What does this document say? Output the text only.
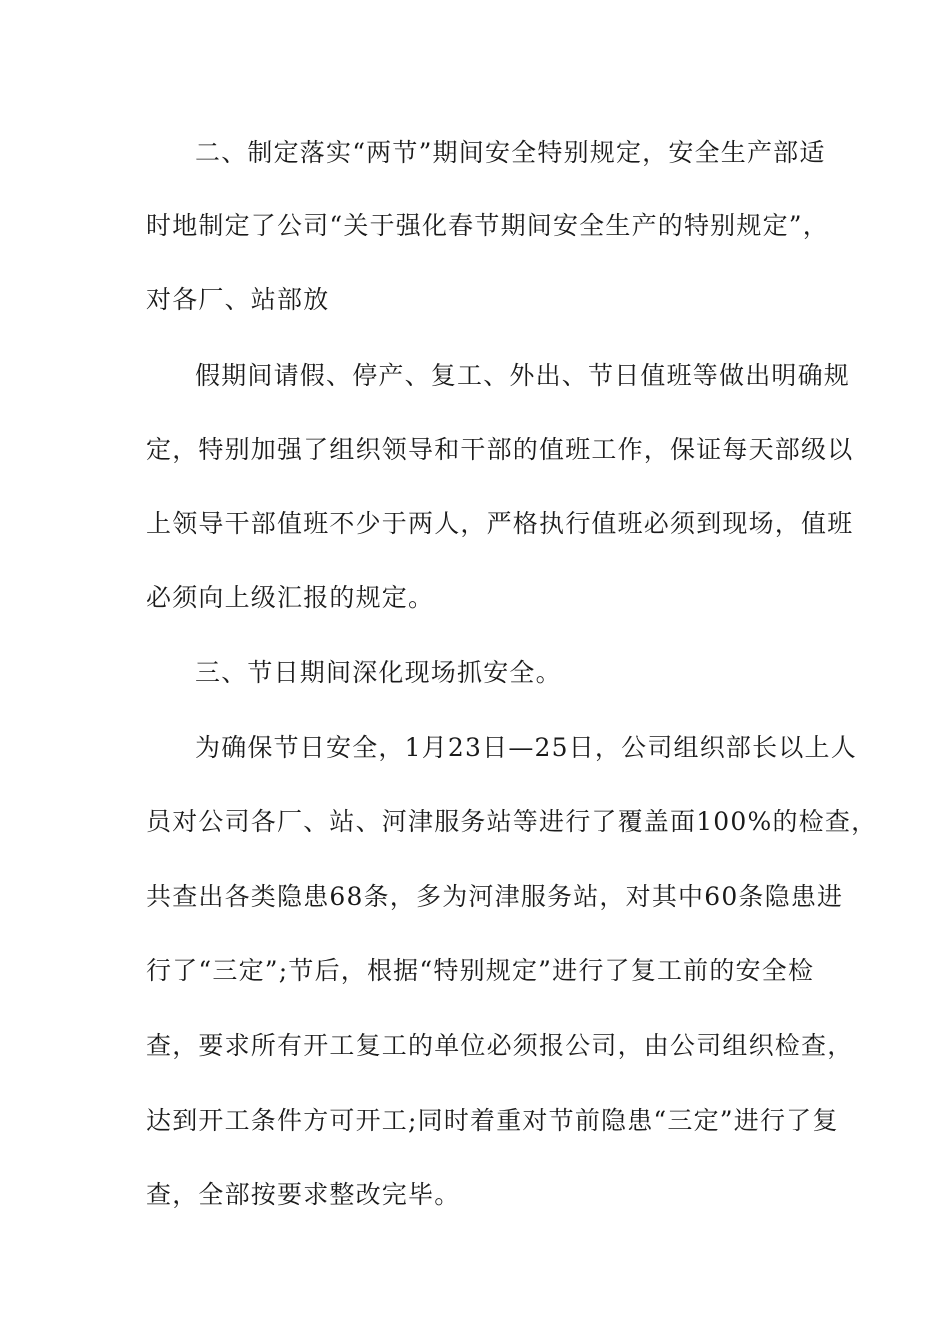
二、制定落实“两节”期间安全特别规定，安全生产部适
时地制定了公司“关于强化春节期间安全生产的特别规定”，
对各厂、站部放
假期间请假、停产、复工、外出、节日值班等做出明确规
定，特别加强了组织领导和干部的值班工作，保证每天部级以
上领导干部值班不少于两人，严格执行值班必须到现场，值班
必须向上级汇报的规定。
三、节日期间深化现场抓安全。
为确保节日安全，1月23日—25日，公司组织部长以上人
员对公司各厂、站、河津服务站等进行了覆盖面100%的检查，
共查出各类隐患68条，多为河津服务站，对其中60条隐患进
行了“三定”;节后，根据“特别规定”进行了复工前的安全检
查，要求所有开工复工的单位必须报公司，由公司组织检查，
达到开工条件方可开工;同时着重对节前隐患“三定”进行了复
查，全部按要求整改完毕。
